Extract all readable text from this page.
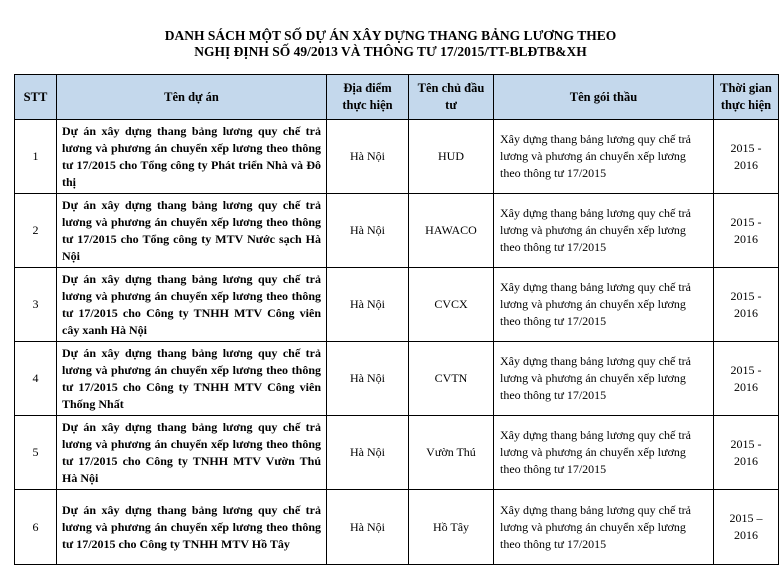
DANH SÁCH MỘT SỐ DỰ ÁN XÂY DỰNG THANG BẢNG LƯƠNG THEO
NGHỊ ĐỊNH SỐ 49/2013 VÀ THÔNG TƯ 17/2015/TT-BLĐTB&XH
STT	Tên dự án	Địa điểm thực hiện	Tên chủ đầu tư	Tên gói thầu	Thời gian thực hiện
1	Dự án xây dựng thang bảng lương quy chế trả lương và phương án chuyển xếp lương theo thông tư 17/2015 cho Tổng công ty Phát triển Nhà và Đô thị	Hà Nội	HUD	Xây dựng thang bảng lương quy chế trả lương và phương án chuyển xếp lương theo thông tư 17/2015	2015 - 2016
2	Dự án xây dựng thang bảng lương quy chế trả lương và phương án chuyển xếp lương theo thông tư 17/2015 cho Tổng công ty MTV Nước sạch Hà Nội	Hà Nội	HAWACO	Xây dựng thang bảng lương quy chế trả lương và phương án chuyển xếp lương theo thông tư 17/2015	2015 - 2016
3	Dự án xây dựng thang bảng lương quy chế trả lương và phương án chuyển xếp lương theo thông tư 17/2015 cho Công ty TNHH MTV Công viên cây xanh Hà Nội	Hà Nội	CVCX	Xây dựng thang bảng lương quy chế trả lương và phương án chuyển xếp lương theo thông tư 17/2015	2015 - 2016
4	Dự án xây dựng thang bảng lương quy chế trả lương và phương án chuyển xếp lương theo thông tư 17/2015 cho Công ty TNHH MTV Công viên Thống Nhất	Hà Nội	CVTN	Xây dựng thang bảng lương quy chế trả lương và phương án chuyển xếp lương theo thông tư 17/2015	2015 - 2016
5	Dự án xây dựng thang bảng lương quy chế trả lương và phương án chuyển xếp lương theo thông tư 17/2015 cho Công ty TNHH MTV Vườn Thú Hà Nội	Hà Nội	Vườn Thú	Xây dựng thang bảng lương quy chế trả lương và phương án chuyển xếp lương theo thông tư 17/2015	2015 - 2016
6	Dự án xây dựng thang bảng lương quy chế trả lương và phương án chuyển xếp lương theo thông tư 17/2015 cho Công ty TNHH MTV Hồ Tây	Hà Nội	Hồ Tây	Xây dựng thang bảng lương quy chế trả lương và phương án chuyển xếp lương theo thông tư 17/2015	2015 – 2016
